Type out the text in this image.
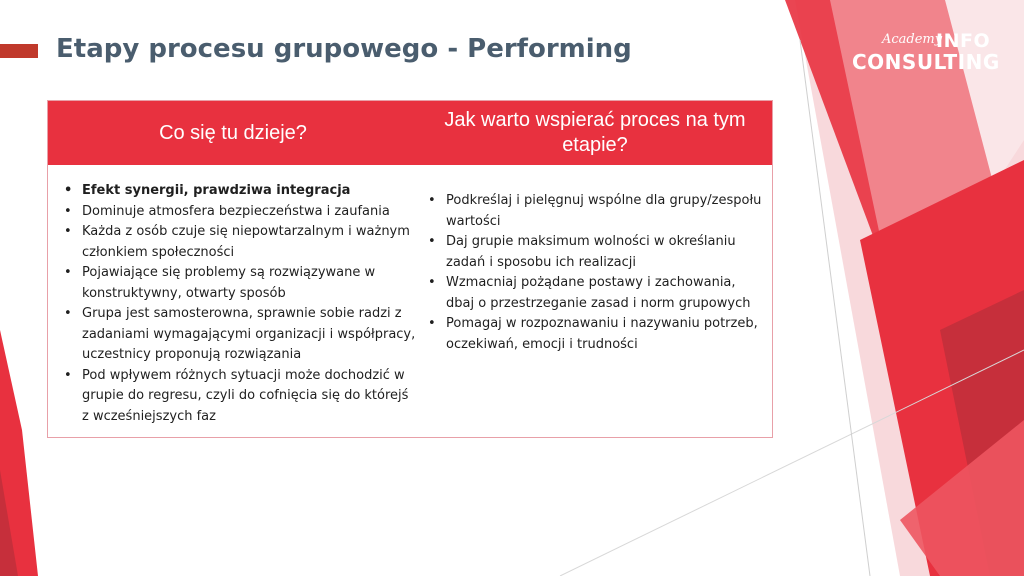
Etapy procesu grupowego - Performing	Academy
INFO
CONSULTING
Co się tu dzieje?
Jak warto wspierać proces na tym etapie?
• Efekt synergii, prawdziwa integracja
• Dominuje atmosfera bezpieczeństwa i zaufania
• Każda z osób czuje się niepowtarzalnym i ważnym członkiem społeczności
• Pojawiające się problemy są rozwiązywane w konstruktywny, otwarty sposób
• Grupa jest samosterowna, sprawnie sobie radzi z zadaniami wymagającymi organizacji i współpracy, uczestnicy proponują rozwiązania
• Pod wpływem różnych sytuacji może dochodzić w grupie do regresu, czyli do cofnięcia się do którejś z wcześniejszych faz
• Podkreślaj i pielęgnuj wspólne dla grupy/zespołu wartości
• Daj grupie maksimum wolności w określaniu zadań i sposobu ich realizacji
• Wzmacniaj pożądane postawy i zachowania, dbaj o przestrzeganie zasad i norm grupowych
• Pomagaj w rozpoznawaniu i nazywaniu potrzeb, oczekiwań, emocji i trudności
